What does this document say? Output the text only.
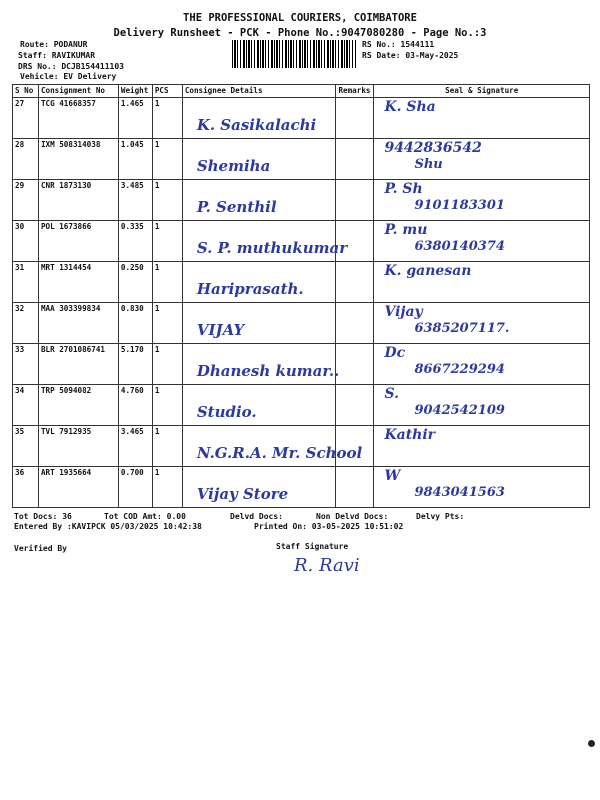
THE PROFESSIONAL COURIERS, COIMBATORE
Delivery Runsheet - PCK - Phone No.:9047080280 - Page No.:3
Route: PODANUR
Staff: RAVIKUMAR
DRS No.: DCJB154411103
Vehicle: EV Delivery
RS No.: 1544111
RS Date: 03-May-2025
S No	Consignment No	Weight	PCS	Consignee Details	Remarks	Seal & Signature
27	TCG 41668357	1.465	1	K. Sasikalachi		K. Sha

28	IXM 508314038	1.045	1	Shemiha		9442836542
Shu

29	CNR 1873130	3.485	1	P. Senthil		P. Sh
9101183301

30	POL 1673866	0.335	1	S. P. muthukumar		P. mu
6380140374

31	MRT 1314454	0.250	1	Hariprasath.		K. ganesan

32	MAA 303399834	0.830	1	VIJAY		Vijay
6385207117.

33	BLR 2701086741	5.170	1	Dhanesh kumar..		Dc
8667229294

34	TRP 5094082	4.760	1	Studio.		S.
9042542109

35	TVL 7912935	3.465	1	N.G.R.A. Mr. School		Kathir

36	ART 1935664	0.700	1	Vijay Store		W
9843041563
Tot Docs: 36	Tot COD Amt: 0.00	Delvd Docs:	Non Delvd Docs:	Delvy Pts:
Entered By :KAVIPCK 05/03/2025 10:42:38	Printed On: 03-05-2025 10:51:02
Verified By	Staff Signature
R. Ravi
